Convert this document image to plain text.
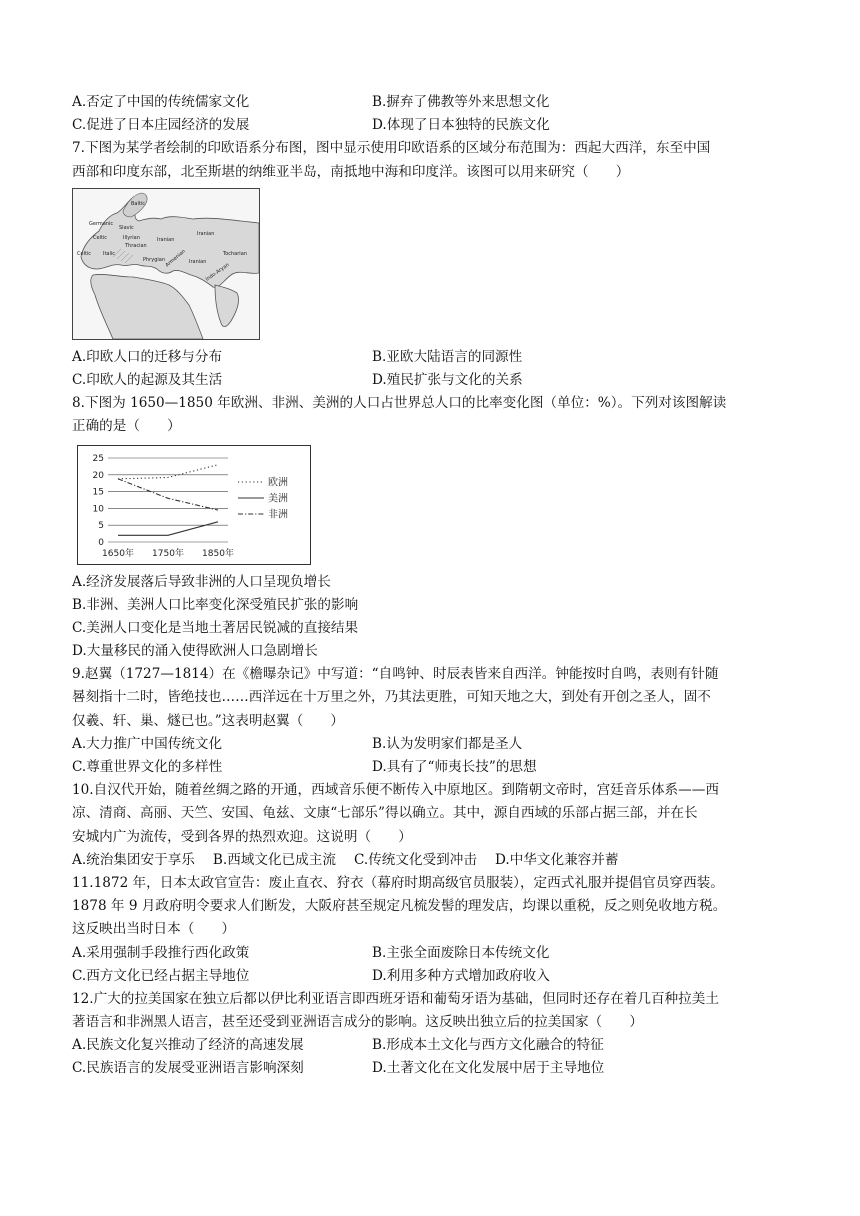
A.否定了中国的传统儒家文化	B.摒弃了佛教等外来思想文化
C.促进了日本庄园经济的发展	D.体现了日本独特的民族文化
7.下图为某学者绘制的印欧语系分布图，图中显示使用印欧语系的区域分布范围为：西起大西洋，东至中国
西部和印度东部，北至斯堪的纳维亚半岛，南抵地中海和印度洋。该图可以用来研究（　　）
Baltic
Germanic
Slavic
Celtic	Illyrian
Thracian
Iranian
Celtic Italic
Phrygian Armenian
Iranian
Tocharian
Iranian
Indo-Aryan
A.印欧人口的迁移与分布	B.亚欧大陆语言的同源性
C.印欧人的起源及其生活	D.殖民扩张与文化的关系
8.下图为 1650—1850 年欧洲、非洲、美洲的人口占世界总人口的比率变化图（单位：%）。下列对该图解读
正确的是（　　）
0
5
10
15
20
25
1650年 1750年 1850年
欧洲
美洲
非洲
A.经济发展落后导致非洲的人口呈现负增长
B.非洲、美洲人口比率变化深受殖民扩张的影响
C.美洲人口变化是当地土著居民锐减的直接结果
D.大量移民的涌入使得欧洲人口急剧增长
9.赵翼（1727—1814）在《檐曝杂记》中写道：“自鸣钟、时辰表皆来自西洋。钟能按时自鸣，表则有针随
晷刻指十二时，皆绝技也……西洋远在十万里之外，乃其法更胜，可知天地之大，到处有开创之圣人，固不
仅羲、轩、巢、燧已也。”这表明赵翼（　　）
A.大力推广中国传统文化	B.认为发明家们都是圣人
C.尊重世界文化的多样性	D.具有了“师夷长技”的思想
10.自汉代开始，随着丝绸之路的开通，西域音乐便不断传入中原地区。到隋朝文帝时，宫廷音乐体系——西
凉、清商、高丽、天竺、安国、龟兹、文康“七部乐”得以确立。其中，源自西域的乐部占据三部，并在长
安城内广为流传，受到各界的热烈欢迎。这说明（　　）
A.统治集团安于享乐 B.西域文化已成主流 C.传统文化受到冲击 D.中华文化兼容并蓄
11.1872 年，日本太政官宣告：废止直衣、狩衣（幕府时期高级官员服装），定西式礼服并提倡官员穿西装。
1878 年 9 月政府明令要求人们断发，大阪府甚至规定凡梳发髻的理发店，均课以重税，反之则免收地方税。
这反映出当时日本（　　）
A.采用强制手段推行西化政策	B.主张全面废除日本传统文化
C.西方文化已经占据主导地位	D.利用多种方式增加政府收入
12.广大的拉美国家在独立后都以伊比利亚语言即西班牙语和葡萄牙语为基础，但同时还存在着几百种拉美土
著语言和非洲黑人语言，甚至还受到亚洲语言成分的影响。这反映出独立后的拉美国家（　　）
A.民族文化复兴推动了经济的高速发展	B.形成本土文化与西方文化融合的特征
C.民族语言的发展受亚洲语言影响深刻	D.土著文化在文化发展中居于主导地位
